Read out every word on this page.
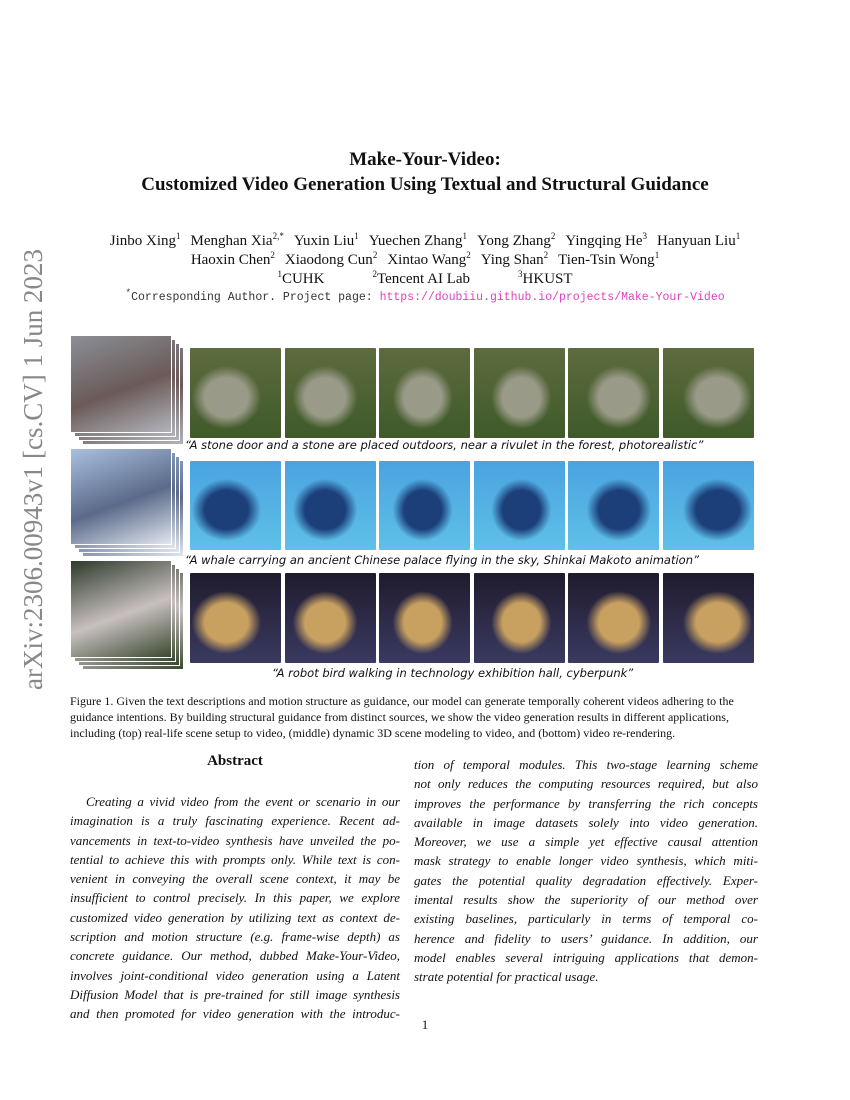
arXiv:2306.00943v1 [cs.CV] 1 Jun 2023
Make-Your-Video:
Customized Video Generation Using Textual and Structural Guidance
Jinbo Xing$^1$ Menghan Xia$^{2,*}$ Yuxin Liu$^1$ Yuechen Zhang$^1$ Yong Zhang$^2$ Yingqing He$^3$ Hanyuan Liu$^1$
Haoxin Chen$^2$ Xiaodong Cun$^2$ Xintao Wang$^2$ Ying Shan$^2$ Tien-Tsin Wong$^1$
$^1$CUHK	$^2$Tencent AI Lab	$^3$HKUST
*Corresponding Author. Project page: https://doubiiu.github.io/projects/Make-Your-Video
“A stone door and a stone are placed outdoors, near a rivulet in the forest, photorealistic”
“A whale carrying an ancient Chinese palace flying in the sky, Shinkai Makoto animation”
“A robot bird walking in technology exhibition hall, cyberpunk”
Figure 1. Given the text descriptions and motion structure as guidance, our model can generate temporally coherent videos adhering to the guidance intentions. By building structural guidance from distinct sources, we show the video generation results in different applications, including (top) real-life scene setup to video, (middle) dynamic 3D scene modeling to video, and (bottom) video re-rendering.
Abstract
Creating a vivid video from the event or scenario in our
imagination is a truly fascinating experience. Recent ad-
vancements in text-to-video synthesis have unveiled the po-
tential to achieve this with prompts only. While text is con-
venient in conveying the overall scene context, it may be
insufficient to control precisely. In this paper, we explore
customized video generation by utilizing text as context de-
scription and motion structure (e.g. frame-wise depth) as
concrete guidance. Our method, dubbed Make-Your-Video,
involves joint-conditional video generation using a Latent
Diffusion Model that is pre-trained for still image synthesis
and then promoted for video generation with the introduc-
tion of temporal modules. This two-stage learning scheme
not only reduces the computing resources required, but also
improves the performance by transferring the rich concepts
available in image datasets solely into video generation.
Moreover, we use a simple yet effective causal attention
mask strategy to enable longer video synthesis, which miti-
gates the potential quality degradation effectively. Exper-
imental results show the superiority of our method over
existing baselines, particularly in terms of temporal co-
herence and fidelity to users’ guidance. In addition, our
model enables several intriguing applications that demon-
strate potential for practical usage.
1
